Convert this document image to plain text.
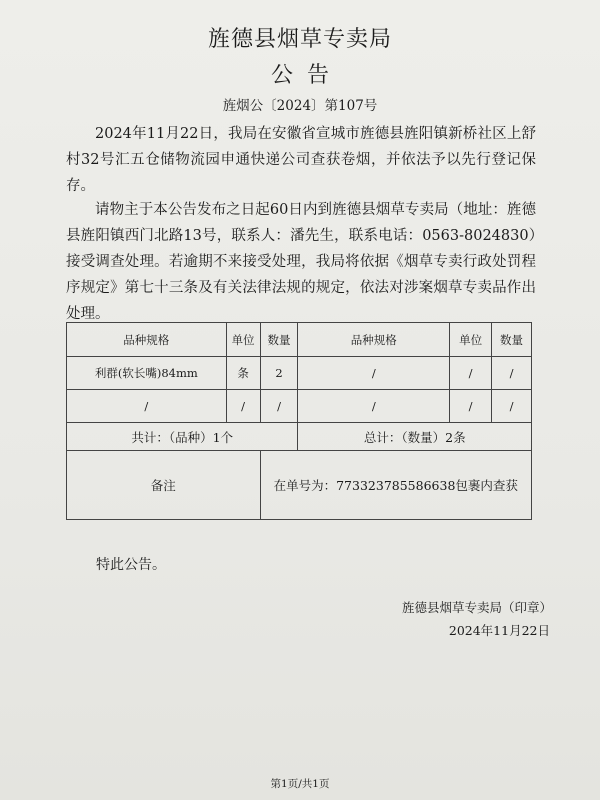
旌德县烟草专卖局
公告
旌烟公〔2024〕第107号
2024年11月22日，我局在安徽省宣城市旌德县旌阳镇新桥社区上舒村32号汇五仓储物流园申通快递公司查获卷烟，并依法予以先行登记保存。
请物主于本公告发布之日起60日内到旌德县烟草专卖局（地址：旌德县旌阳镇西门北路13号，联系人：潘先生，联系电话：0563-8024830）接受调查处理。若逾期不来接受处理，我局将依据《烟草专卖行政处罚程序规定》第七十三条及有关法律法规的规定，依法对涉案烟草专卖品作出处理。
品种规格	单位	数量	品种规格	单位	数量
利群(软长嘴)84mm	条	2	/	/	/
/	/	/	/	/	/
共计：（品种）1个			总计：（数量）2条		
备注		在单号为：773323785586638包裹内查获			
特此公告。
旌德县烟草专卖局（印章）
2024年11月22日
第1页/共1页
